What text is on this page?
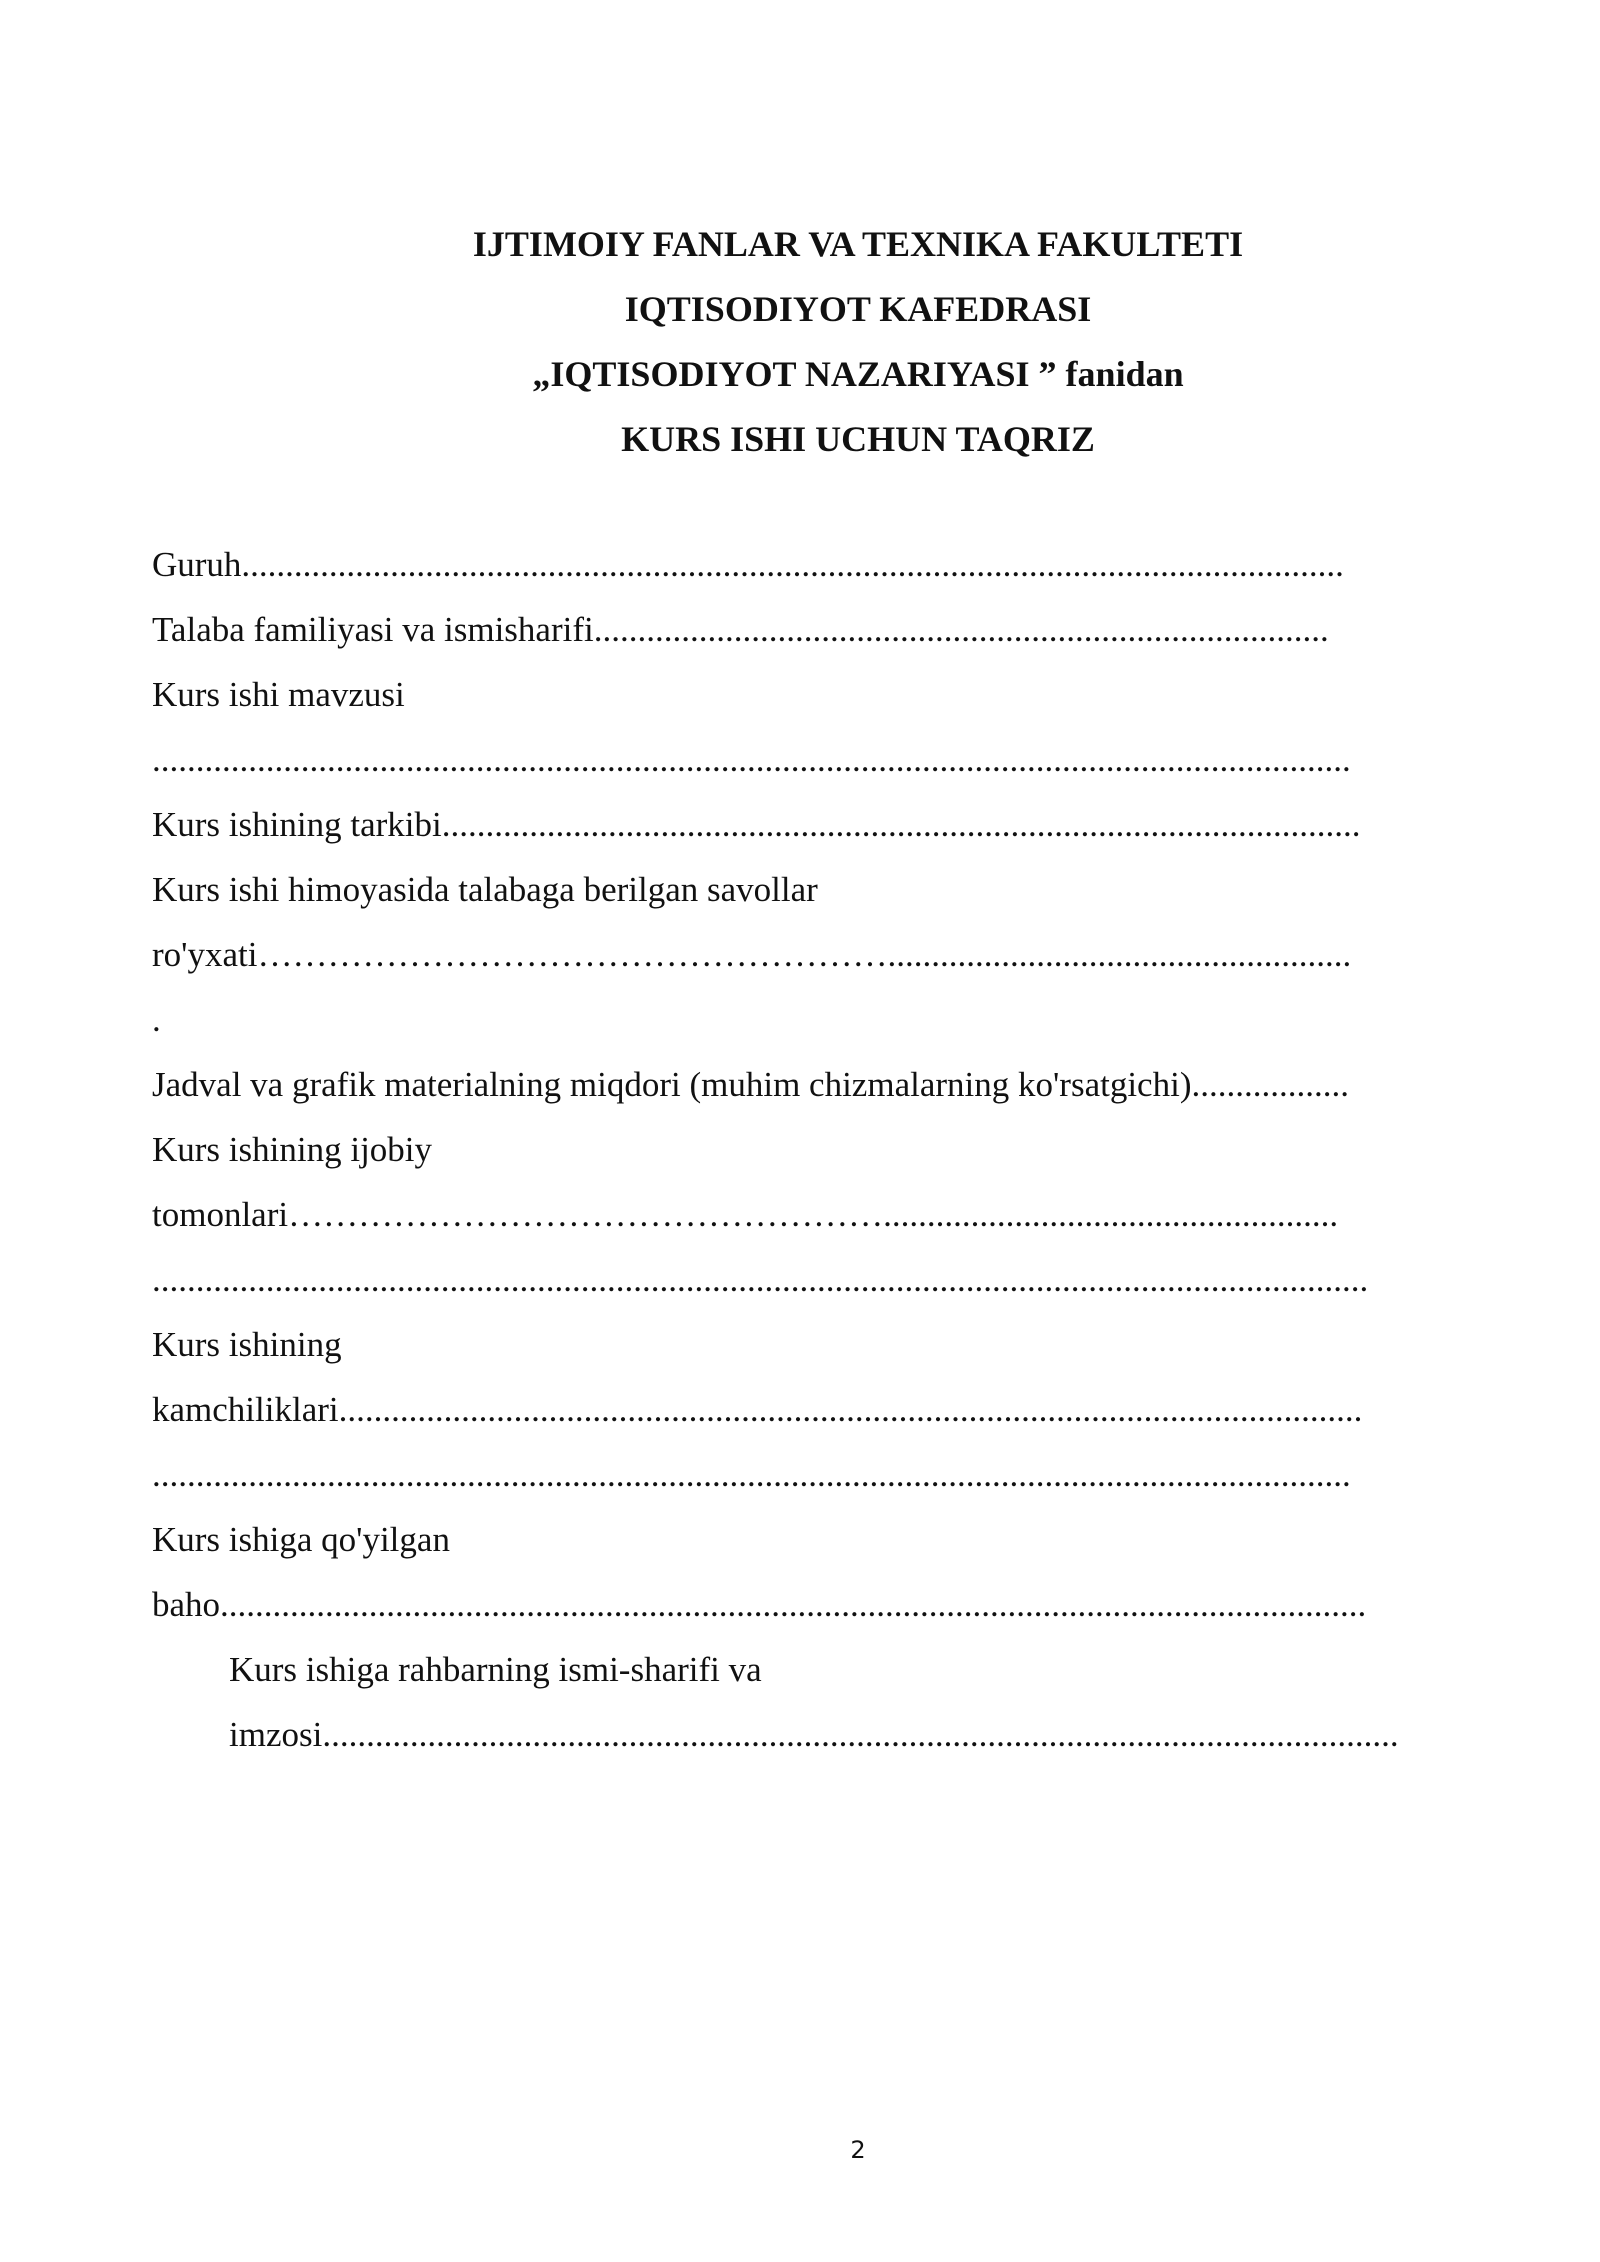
IJTIMOIY FANLAR VA TEXNIKA FAKULTETI
IQTISODIYOT KAFEDRASI
„IQTISODIYOT NAZARIYASI ” fanidan
KURS ISHI UCHUN TAQRIZ
Guruh..............................................................................................................................
Talaba familiyasi va ismisharifi....................................................................................
Kurs ishi mavzusi
.........................................................................................................................................
Kurs ishining tarkibi.........................................................................................................
Kurs ishi himoyasida talabaga berilgan savollar
ro'yxati……………………………………………….....................................................
.
Jadval va grafik materialning miqdori (muhim chizmalarning ko'rsatgichi)..................
Kurs ishining ijobiy
tomonlari……………………………………………....................................................
...........................................................................................................................................
Kurs ishining
kamchiliklari.....................................................................................................................
.........................................................................................................................................
Kurs ishiga qo'yilgan
baho...................................................................................................................................
Kurs ishiga rahbarning ismi-sharifi va
imzosi...........................................................................................................................
2
